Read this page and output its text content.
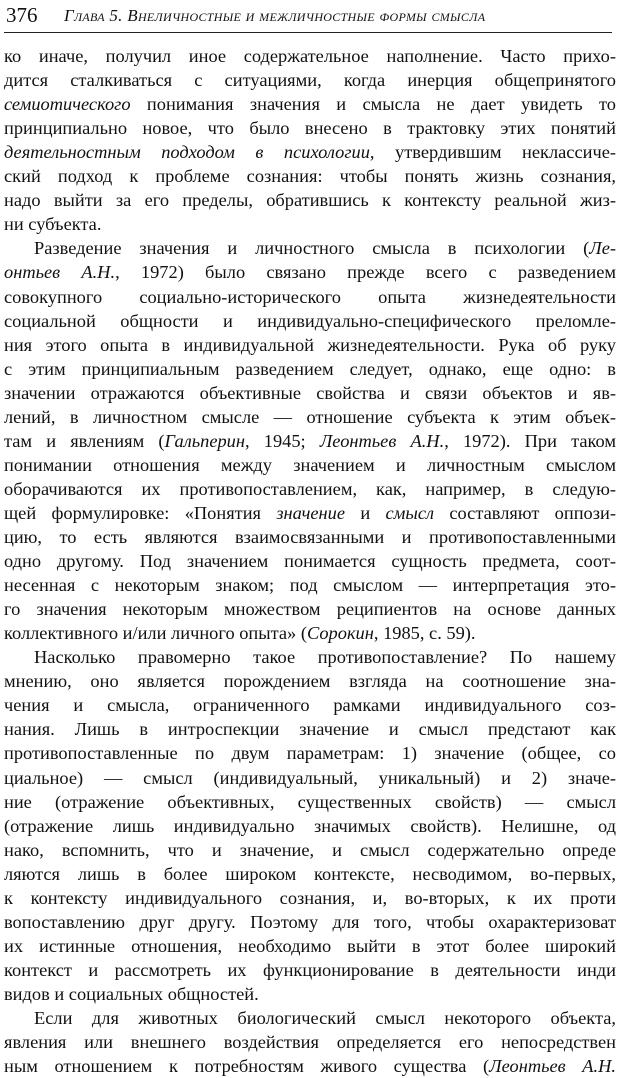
376 Глава 5. Внеличностные и межличностные формы смысла
ко иначе, получил иное содержательное наполнение. Часто прихо-
дится сталкиваться с ситуациями, когда инерция общепринятого
семиотического понимания значения и смысла не дает увидеть то
принципиально новое, что было внесено в трактовку этих понятий
деятельностным подходом в психологии, утвердившим неклассиче-
ский подход к проблеме сознания: чтобы понять жизнь сознания,
надо выйти за его пределы, обратившись к контексту реальной жиз-
ни субъекта.
Разведение значения и личностного смысла в психологии (Ле-
онтьев А.Н., 1972) было связано прежде всего с разведением
совокупного социально-исторического опыта жизнедеятельности
социальной общности и индивидуально-специфического преломле-
ния этого опыта в индивидуальной жизнедеятельности. Рука об руку
с этим принципиальным разведением следует, однако, еще одно: в
значении отражаются объективные свойства и связи объектов и яв-
лений, в личностном смысле — отношение субъекта к этим объек-
там и явлениям (Гальперин, 1945; Леонтьев А.Н., 1972). При таком
понимании отношения между значением и личностным смыслом
оборачиваются их противопоставлением, как, например, в следую-
щей формулировке: «Понятия значение и смысл составляют оппози-
цию, то есть являются взаимосвязанными и противопоставленными
одно другому. Под значением понимается сущность предмета, соот-
несенная с некоторым знаком; под смыслом — интерпретация это-
го значения некоторым множеством реципиентов на основе данных
коллективного и/или личного опыта» (Сорокин, 1985, с. 59).
Насколько правомерно такое противопоставление? По нашему
мнению, оно является порождением взгляда на соотношение зна-
чения и смысла, ограниченного рамками индивидуального соз-
нания. Лишь в интроспекции значение и смысл предстают как
противопоставленные по двум параметрам: 1) значение (общее, со
циальное) — смысл (индивидуальный, уникальный) и 2) значе-
ние (отражение объективных, существенных свойств) — смысл
(отражение лишь индивидуально значимых свойств). Нелишне, од
нако, вспомнить, что и значение, и смысл содержательно опреде
ляются лишь в более широком контексте, несводимом, во-первых,
к контексту индивидуального сознания, и, во-вторых, к их проти
вопоставлению друг другу. Поэтому для того, чтобы охарактеризоват
их истинные отношения, необходимо выйти в этот более широкий
контекст и рассмотреть их функционирование в деятельности инди
видов и социальных общностей.
Если для животных биологический смысл некоторого объекта,
явления или внешнего воздействия определяется его непосредствен
ным отношением к потребностям живого существа (Леонтьев А.Н.
